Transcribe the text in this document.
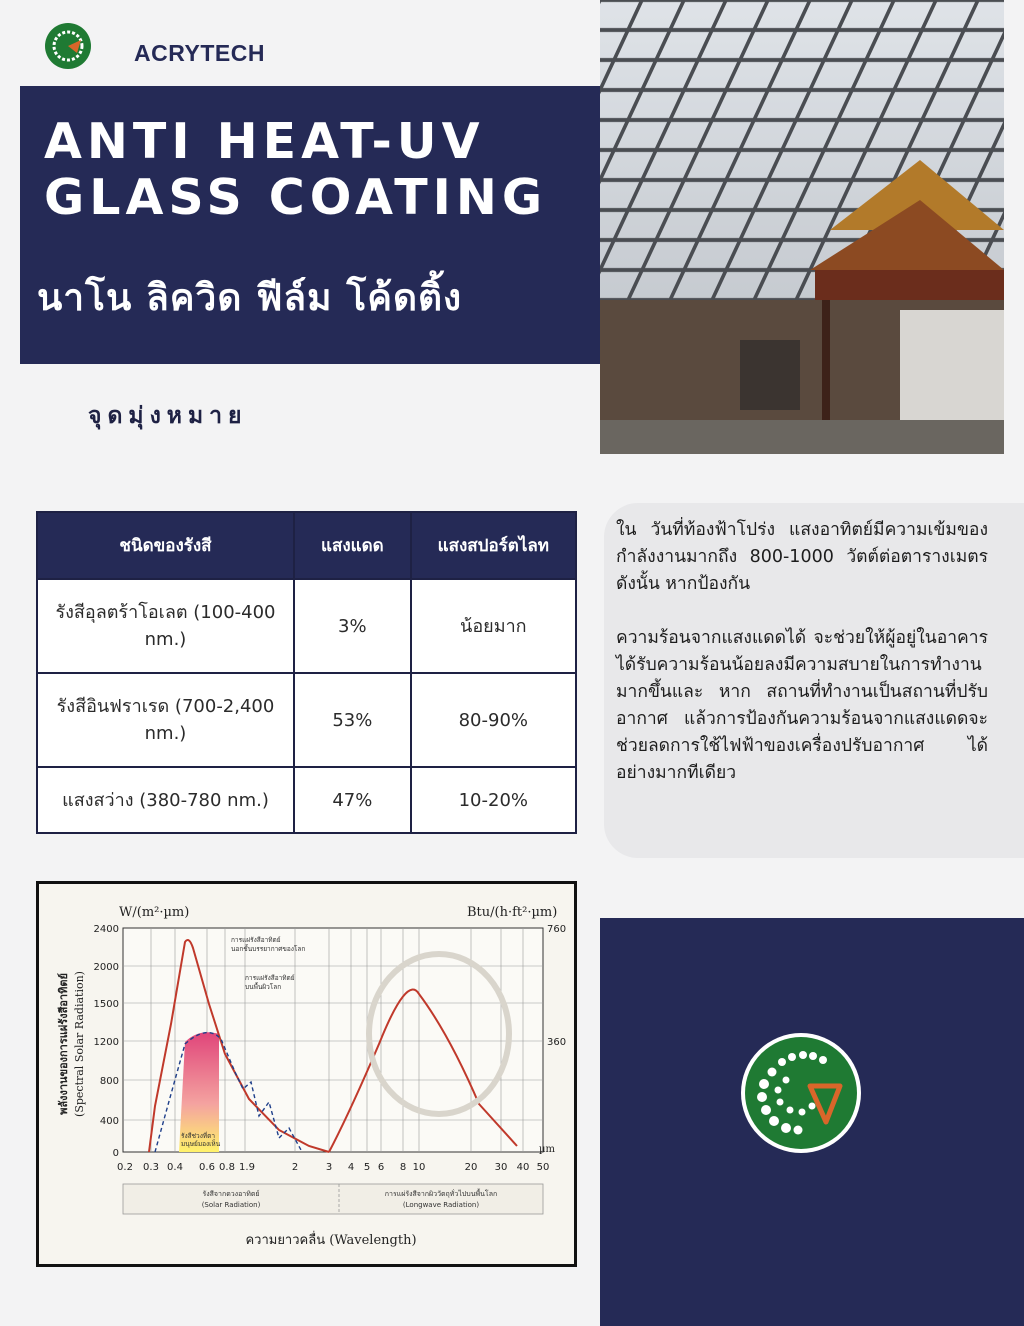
ACRYTECH
ANTI HEAT-UV
GLASS COATING
นาโน ลิควิด ฟีล์ม โค้ดติ้ง
จุดมุ่งหมาย
ชนิดของรังสี	แสงแดด	แสงสปอร์ตไลท
รังสีอุลตร้าโอเลต (100-400 nm.)	3%	น้อยมาก
รังสีอินฟราเรด (700-2,400 nm.)	53%	80-90%
แสงสว่าง (380-780 nm.)	47%	10-20%

ใน วันที่ท้องฟ้าโปร่ง แสงอาทิตย์มีความเข้มของกำลังงานมากถึง 800-1000 วัตต์ต่อตารางเมตร ดังนั้น หากป้องกัน

ความร้อนจากแสงแดดได้ จะช่วยให้ผู้อยู่ในอาคารได้รับความร้อนน้อยลงมีความสบายในการทำงานมากขึ้นและ หาก สถานที่ทำงานเป็นสถานที่ปรับอากาศ แล้วการป้องกันความร้อนจากแสงแดดจะช่วยลดการใช้ไฟฟ้าของเครื่องปรับอากาศ ได้อย่างมากทีเดียว

W/(m²·µm)	Btu/(h·ft²·µm)
µm
2400
2000
1500
1200
800
400
0
760
360
0.2 0.3 0.4 0.6 0.8 1.9	2	3 4 5 6 8 10	20 30 40 50
การแผ่รังสีอาทิตย์
นอกชั้นบรรยากาศของโลก
การแผ่รังสีอาทิตย์
บนพื้นผิวโลก
รังสีช่วงที่ตา
มนุษย์มองเห็น
รังสีจากดวงอาทิตย์
(Solar Radiation)
การแผ่รังสีจากผิววัตถุทั่วไปบนพื้นโลก
(Longwave Radiation)
ความยาวคลื่น (Wavelength)
พลังงานของการแผ่รังสีอาทิตย์ (Spectral Solar Radiation)
